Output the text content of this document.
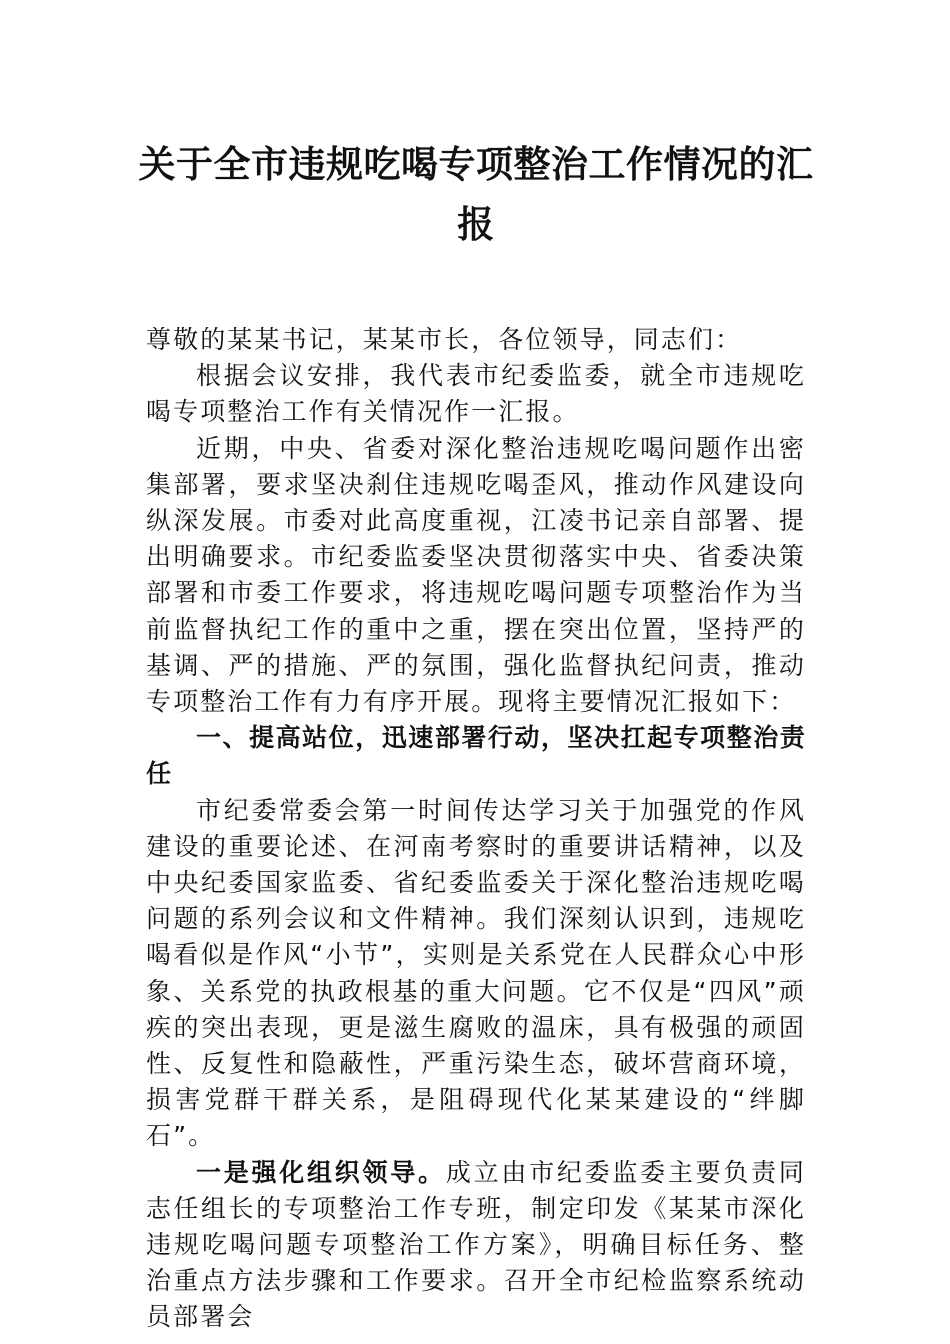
关于全市违规吃喝专项整治工作情况的汇报

尊敬的某某书记，某某市长，各位领导，同志们：

根据会议安排，我代表市纪委监委，就全市违规吃喝专项整治工作有关情况作一汇报。

近期，中央、省委对深化整治违规吃喝问题作出密集部署，要求坚决刹住违规吃喝歪风，推动作风建设向纵深发展。市委对此高度重视，江凌书记亲自部署、提出明确要求。市纪委监委坚决贯彻落实中央、省委决策部署和市委工作要求，将违规吃喝问题专项整治作为当前监督执纪工作的重中之重，摆在突出位置，坚持严的基调、严的措施、严的氛围，强化监督执纪问责，推动专项整治工作有力有序开展。现将主要情况汇报如下：

一、提高站位，迅速部署行动，坚决扛起专项整治责任

市纪委常委会第一时间传达学习关于加强党的作风建设的重要论述、在河南考察时的重要讲话精神，以及中央纪委国家监委、省纪委监委关于深化整治违规吃喝问题的系列会议和文件精神。我们深刻认识到，违规吃喝看似是作风“小节”，实则是关系党在人民群众心中形象、关系党的执政根基的重大问题。它不仅是“四风”顽疾的突出表现，更是滋生腐败的温床，具有极强的顽固性、反复性和隐蔽性，严重污染生态，破坏营商环境，损害党群干群关系，是阻碍现代化某某建设的“绊脚石”。

一是强化组织领导。成立由市纪委监委主要负责同志任组长的专项整治工作专班，制定印发《某某市深化违规吃喝问题专项整治工作方案》，明确目标任务、整治重点方法步骤和工作要求。召开全市纪检监察系统动员部署会
